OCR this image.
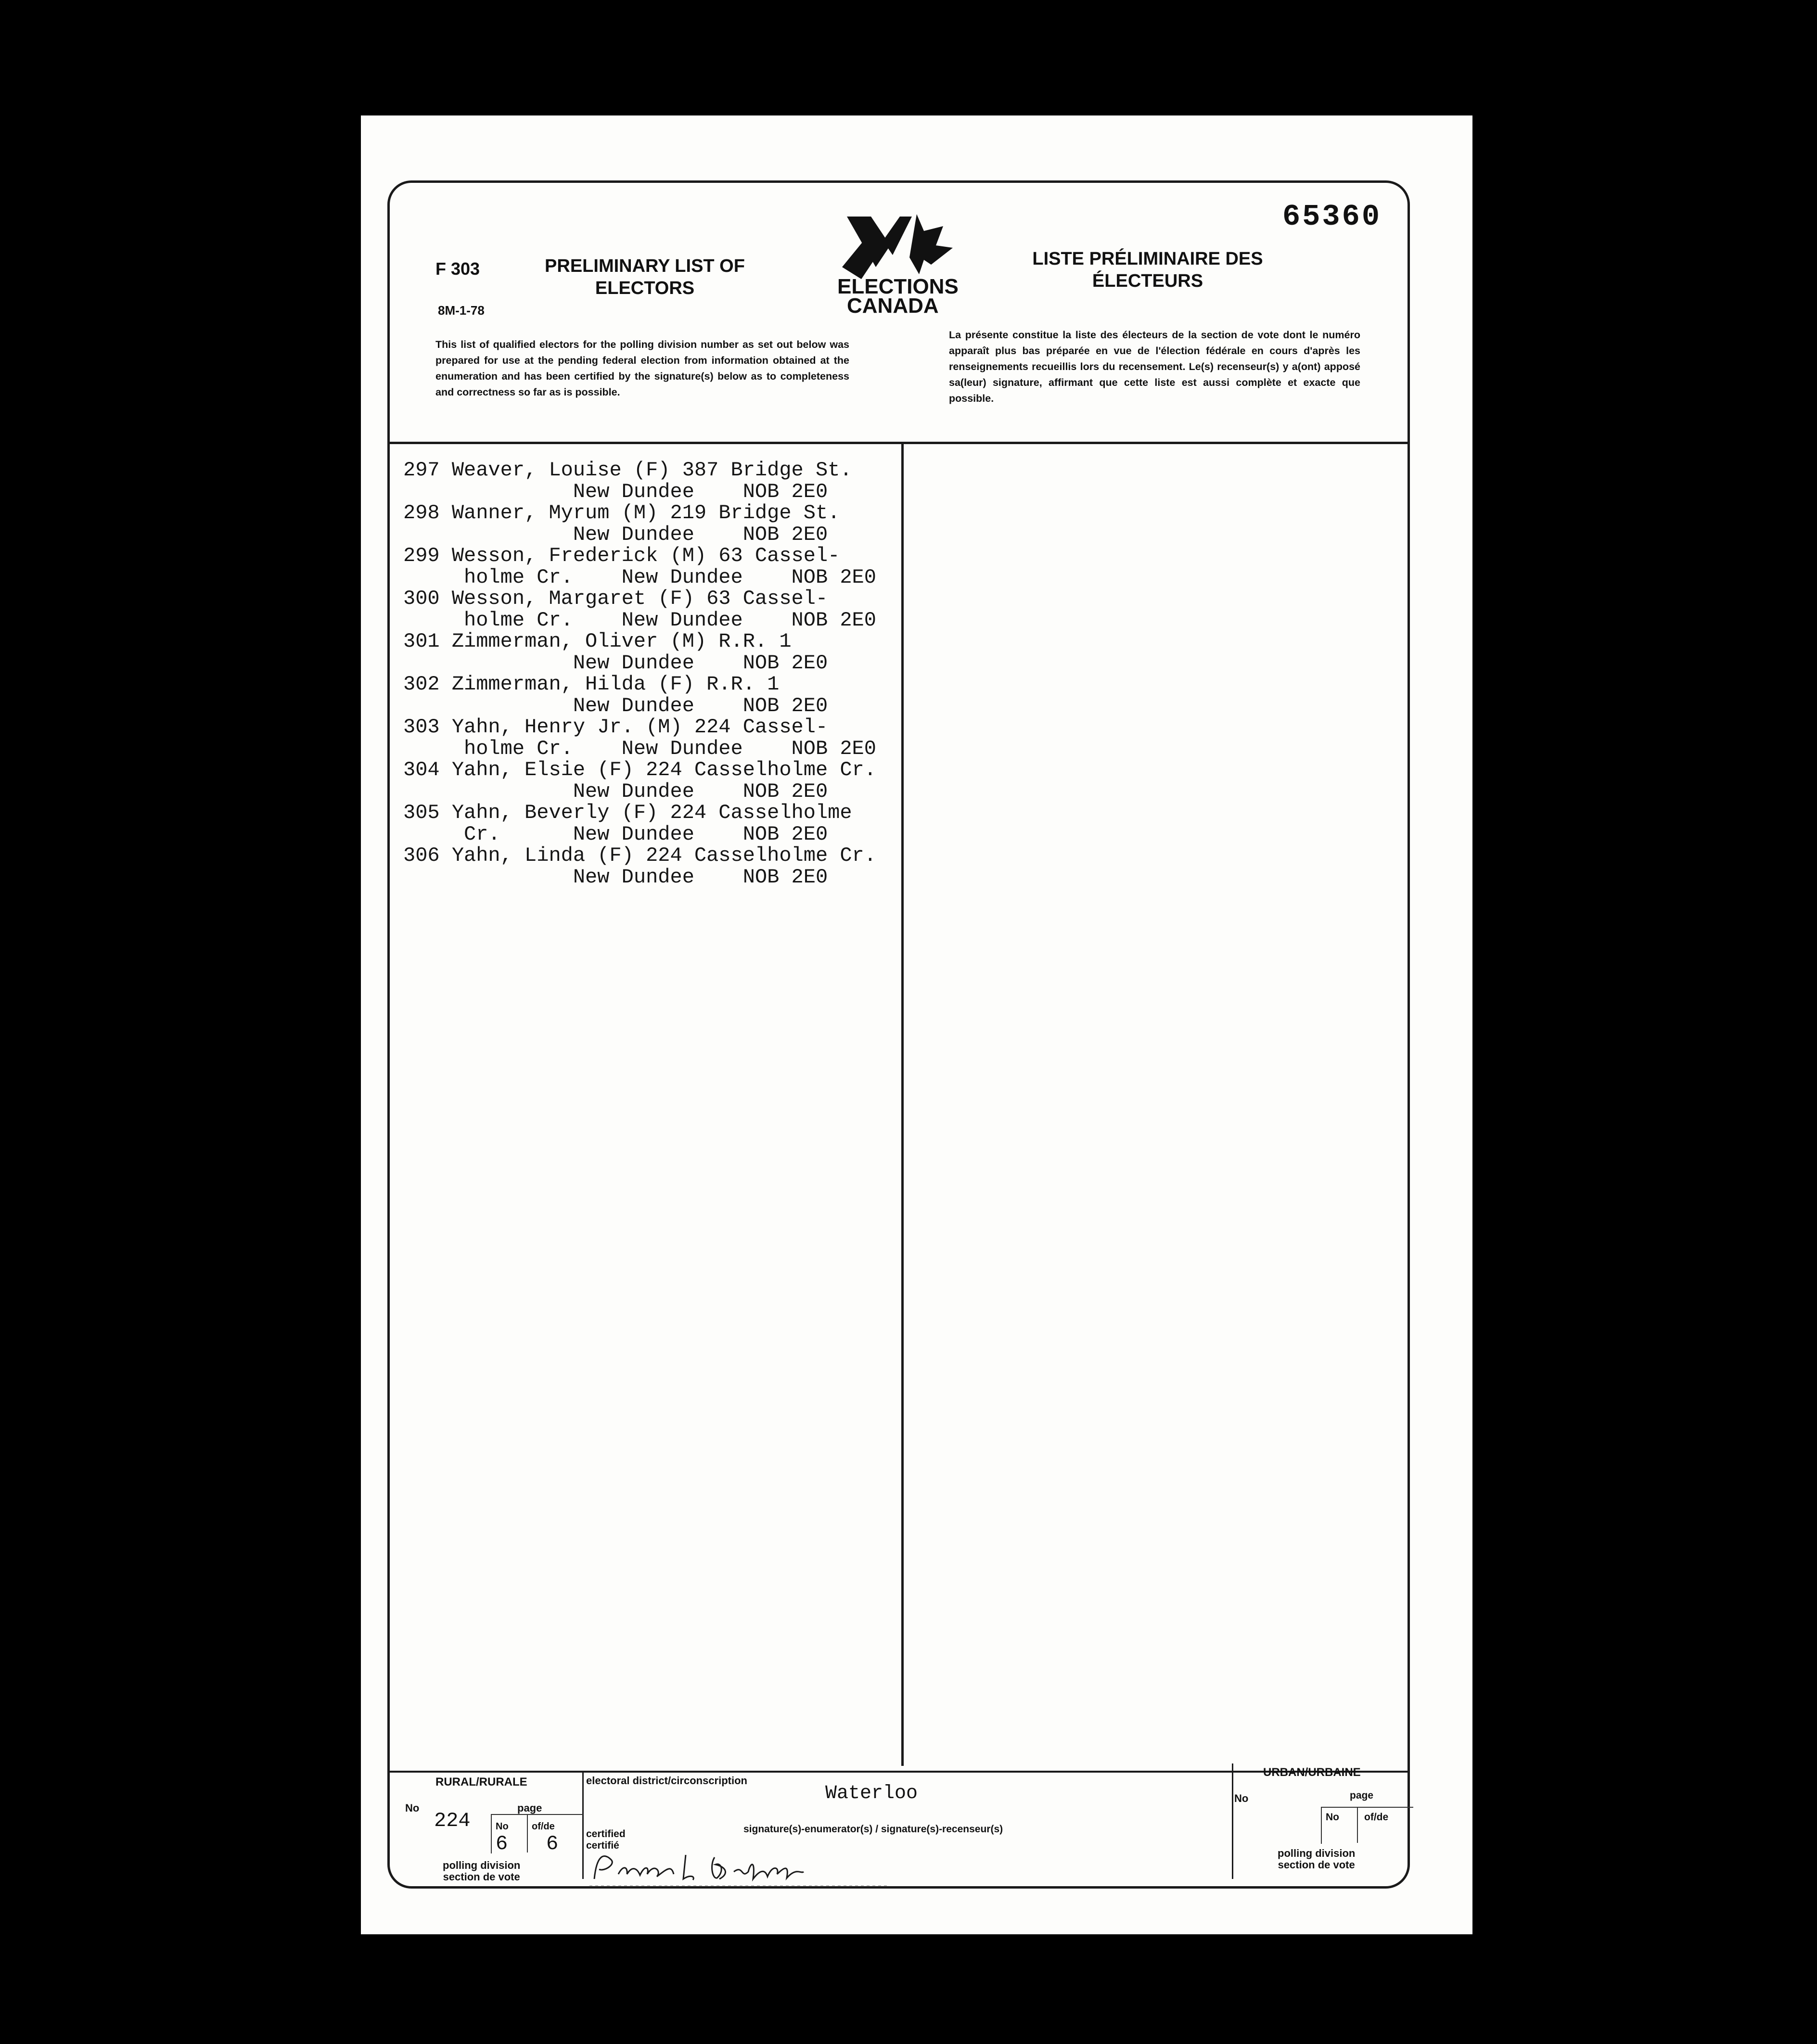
65360
F 303
8M-1-78
PRELIMINARY LIST OF ELECTORS
LISTE PRÉLIMINAIRE DES ÉLECTEURS
ELECTIONS
CANADA
This list of qualified electors for the polling division number as set out below was prepared for use at the pending federal election from information obtained at the enumeration and has been certified by the signature(s) below as to completeness and correctness so far as is possible.
La présente constitue la liste des électeurs de la section de vote dont le numéro apparaît plus bas préparée en vue de l'élection fédérale en cours d'après les renseignements recueillis lors du recensement. Le(s) recenseur(s) y a(ont) apposé sa(leur) signature, affirmant que cette liste est aussi complète et exacte que possible.
297 Weaver, Louise (F) 387 Bridge St.
New Dundee    NOB 2E0
298 Wanner, Myrum (M) 219 Bridge St.
New Dundee    NOB 2E0
299 Wesson, Frederick (M) 63 Cassel-
holme Cr.    New Dundee    NOB 2E0
300 Wesson, Margaret (F) 63 Cassel-
holme Cr.    New Dundee    NOB 2E0
301 Zimmerman, Oliver (M) R.R. 1
New Dundee    NOB 2E0
302 Zimmerman, Hilda (F) R.R. 1
New Dundee    NOB 2E0
303 Yahn, Henry Jr. (M) 224 Cassel-
holme Cr.    New Dundee    NOB 2E0
304 Yahn, Elsie (F) 224 Casselholme Cr.
New Dundee    NOB 2E0
305 Yahn, Beverly (F) 224 Casselholme
Cr.      New Dundee    NOB 2E0
306 Yahn, Linda (F) 224 Casselholme Cr.
New Dundee    NOB 2E0
RURAL/RURALE
No
224
page
No of/de
6 6
polling division
section de vote
electoral district/circonscription
Waterloo
certified
certifié
signature(s)-enumerator(s) / signature(s)-recenseur(s)
URBAN/URBAINE
No	page
No of/de
polling division
section de vote
